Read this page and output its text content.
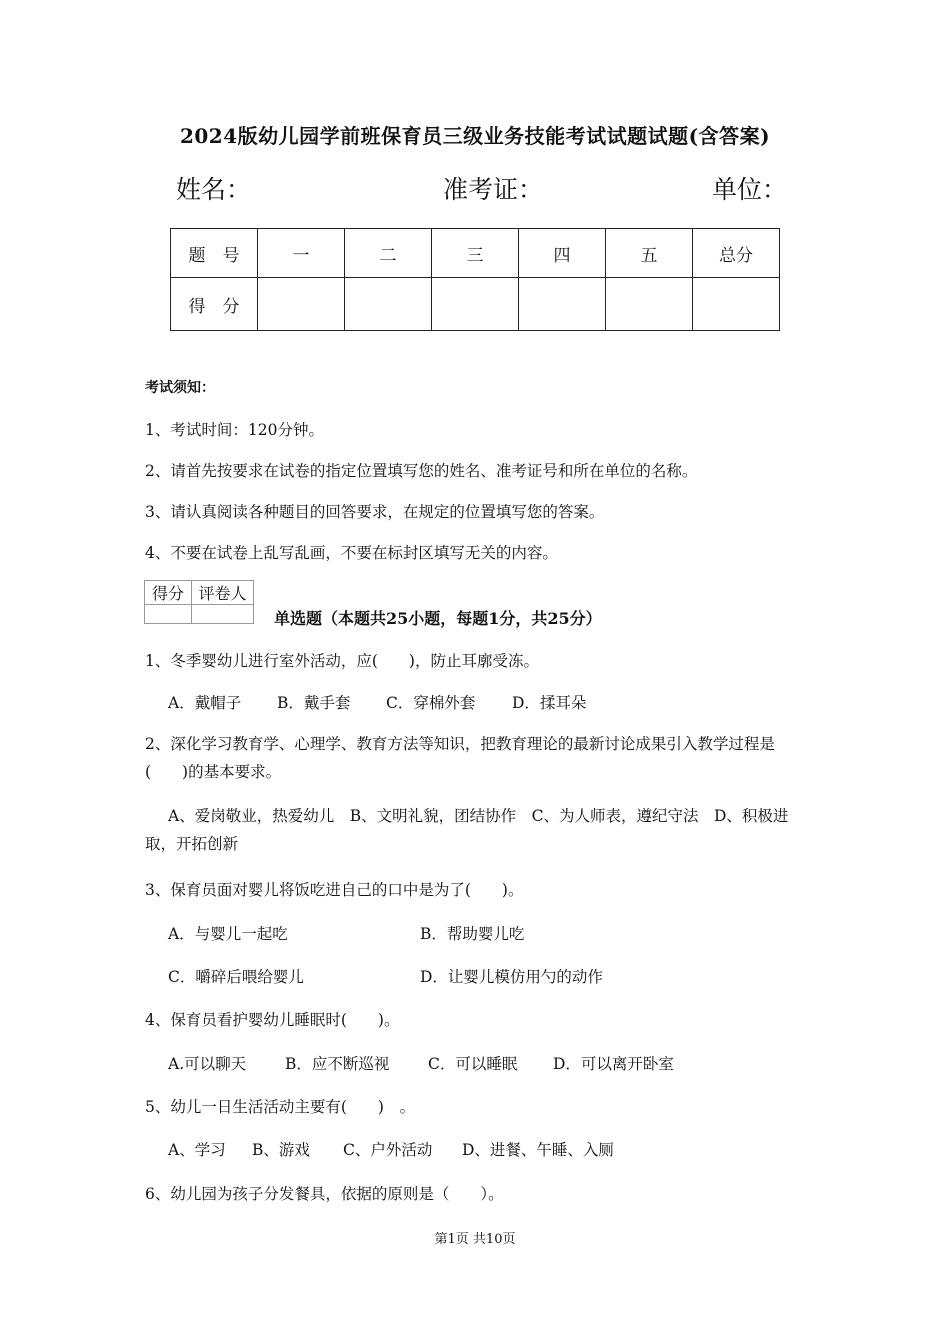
2024版幼儿园学前班保育员三级业务技能考试试题试题(含答案)
姓名：	准考证：	单位：
题　号	一	二	三	四	五	总分
得　分						
考试须知：
1、考试时间：120分钟。
2、请首先按要求在试卷的指定位置填写您的姓名、准考证号和所在单位的名称。
3、请认真阅读各种题目的回答要求，在规定的位置填写您的答案。
4、不要在试卷上乱写乱画，不要在标封区填写无关的内容。
得分	评卷人

单选题（本题共25小题，每题1分，共25分）
1、冬季婴幼儿进行室外活动，应(　　)，防止耳廓受冻。
A．戴帽子 B．戴手套 C．穿棉外套 D．揉耳朵
2、深化学习教育学、心理学、教育方法等知识，把教育理论的最新讨论成果引入教学过程是(　　)的基本要求。
A、爱岗敬业，热爱幼儿　B、文明礼貌，团结协作　C、为人师表，遵纪守法　D、积极进取，开拓创新
3、保育员面对婴儿将饭吃进自己的口中是为了(　　)。
A．与婴儿一起吃	B．帮助婴儿吃
C．嚼碎后喂给婴儿	D．让婴儿模仿用勺的动作
4、保育员看护婴幼儿睡眠时(　　)。
A.可以聊天	B．应不断巡视 C．可以睡眠 D．可以离开卧室
5、幼儿一日生活活动主要有(　　)　。
A、学习 B、游戏 C、户外活动 D、进餐、午睡、入厕
6、幼儿园为孩子分发餐具，依据的原则是（　　）。
第1页 共10页
